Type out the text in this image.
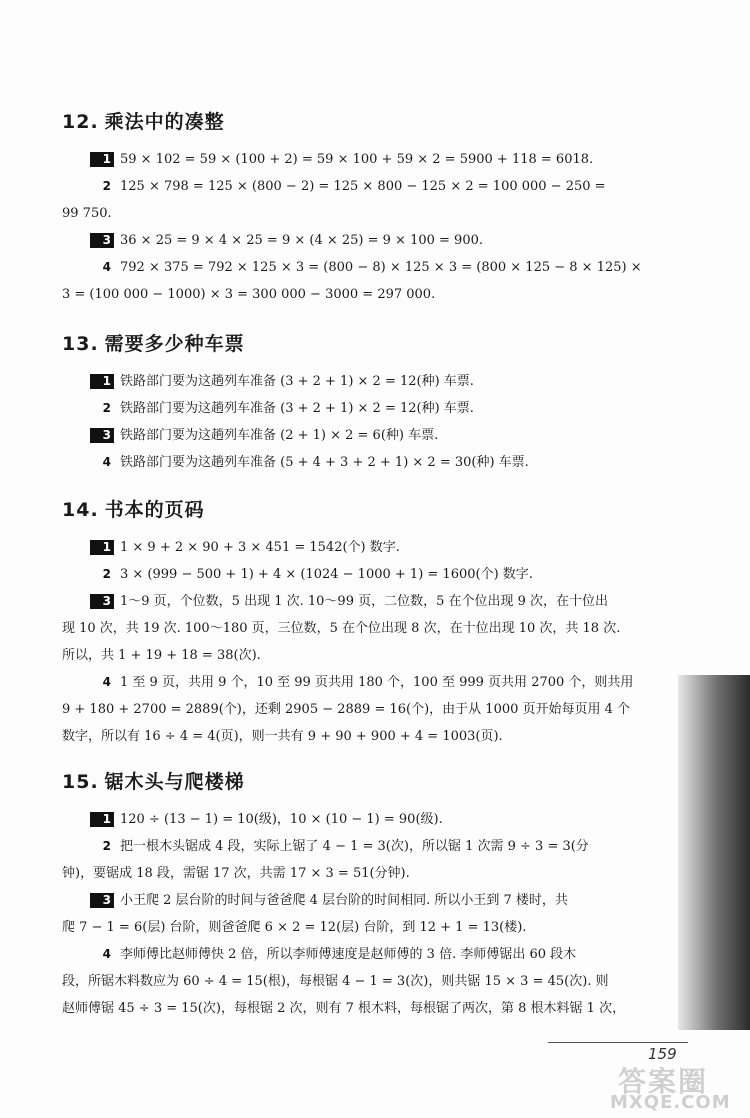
12. 乘法中的凑整
1 59 × 102 = 59 × (100 + 2) = 59 × 100 + 59 × 2 = 5900 + 118 = 6018.
2 125 × 798 = 125 × (800 − 2) = 125 × 800 − 125 × 2 = 100 000 − 250 =
99 750.
3 36 × 25 = 9 × 4 × 25 = 9 × (4 × 25) = 9 × 100 = 900.
4 792 × 375 = 792 × 125 × 3 = (800 − 8) × 125 × 3 = (800 × 125 − 8 × 125) ×
3 = (100 000 − 1000) × 3 = 300 000 − 3000 = 297 000.
13. 需要多少种车票
1 铁路部门要为这趟列车准备 (3 + 2 + 1) × 2 = 12(种) 车票.
2 铁路部门要为这趟列车准备 (3 + 2 + 1) × 2 = 12(种) 车票.
3 铁路部门要为这趟列车准备 (2 + 1) × 2 = 6(种) 车票.
4 铁路部门要为这趟列车准备 (5 + 4 + 3 + 2 + 1) × 2 = 30(种) 车票.
14. 书本的页码
1 1 × 9 + 2 × 90 + 3 × 451 = 1542(个) 数字.
2 3 × (999 − 500 + 1) + 4 × (1024 − 1000 + 1) = 1600(个) 数字.
3 1～9 页，个位数，5 出现 1 次. 10～99 页，二位数，5 在个位出现 9 次，在十位出
现 10 次，共 19 次. 100～180 页，三位数，5 在个位出现 8 次，在十位出现 10 次，共 18 次.
所以，共 1 + 19 + 18 = 38(次).
4 1 至 9 页，共用 9 个，10 至 99 页共用 180 个，100 至 999 页共用 2700 个，则共用
9 + 180 + 2700 = 2889(个)，还剩 2905 − 2889 = 16(个)，由于从 1000 页开始每页用 4 个
数字，所以有 16 ÷ 4 = 4(页)，则一共有 9 + 90 + 900 + 4 = 1003(页).
15. 锯木头与爬楼梯
1 120 ÷ (13 − 1) = 10(级)，10 × (10 − 1) = 90(级).
2 把一根木头锯成 4 段，实际上锯了 4 − 1 = 3(次)，所以锯 1 次需 9 ÷ 3 = 3(分
钟)，要锯成 18 段，需锯 17 次，共需 17 × 3 = 51(分钟).
3 小王爬 2 层台阶的时间与爸爸爬 4 层台阶的时间相同. 所以小王到 7 楼时，共
爬 7 − 1 = 6(层) 台阶，则爸爸爬 6 × 2 = 12(层) 台阶，到 12 + 1 = 13(楼).
4 李师傅比赵师傅快 2 倍，所以李师傅速度是赵师傅的 3 倍. 李师傅锯出 60 段木
段，所锯木料数应为 60 ÷ 4 = 15(根)，每根锯 4 − 1 = 3(次)，则共锯 15 × 3 = 45(次). 则
赵师傅锯 45 ÷ 3 = 15(次)，每根锯 2 次，则有 7 根木料，每根锯了两次，第 8 根木料锯 1 次，
159
答案圈
MXQE.COM
